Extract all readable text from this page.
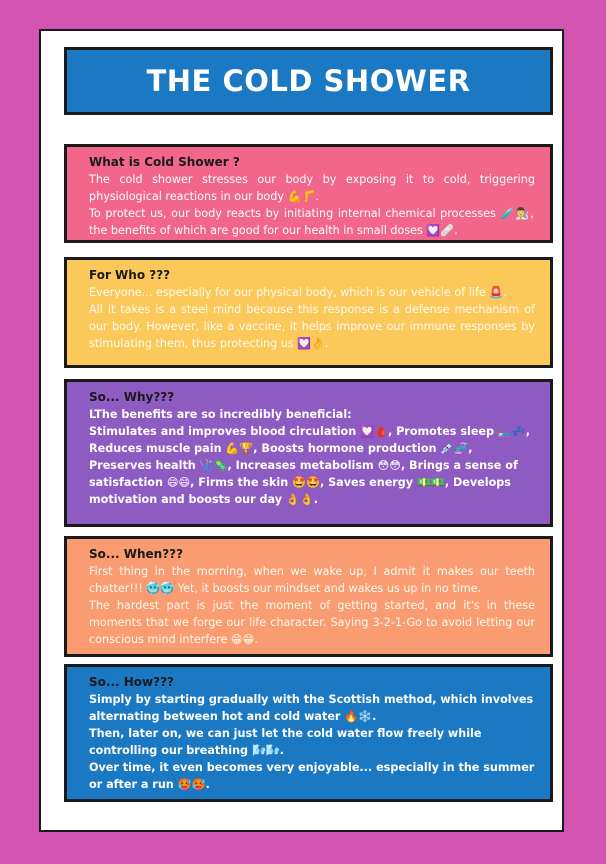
THE COLD SHOWER
What is Cold Shower ?

The cold shower stresses our body by exposing it to cold, triggering physiological reactions in our body 💪🦵.

To protect us, our body reacts by initiating internal chemical processes 🧪👨‍🔬, the benefits of which are good for our health in small doses 💟🩹.

For Who ???

Everyone... especially for our physical body, which is our vehicle of life 🚨.

All it takes is a steel mind because this response is a defense mechanism of our body. However, like a vaccine, it helps improve our immune responses by stimulating them, thus protecting us 💟👌.

So... Why???

LThe benefits are so incredibly beneficial:

Stimulates and improves blood circulation 💟🩸, Promotes sleep 🛏️💤, Reduces muscle pain 💪🏆, Boosts hormone production 💉🧬, Preserves health 🩺🦠, Increases metabolism 😳😳, Brings a sense of satisfaction 😄😄, Firms the skin 🤩🤩, Saves energy 💵💵, Develops motivation and boosts our day 👌👌.

So... When???

First thing in the morning, when we wake up, I admit it makes our teeth chatter!!! 🥶🥶 Yet, it boosts our mindset and wakes us up in no time.

The hardest part is just the moment of getting started, and it's in these moments that we forge our life character. Saying 3-2-1-Go to avoid letting our conscious mind interfere 😁😁.

So... How???

Simply by starting gradually with the Scottish method, which involves alternating between hot and cold water 🔥❄️.

Then, later on, we can just let the cold water flow freely while controlling our breathing 🌬️🌬️.

Over time, it even becomes very enjoyable... especially in the summer or after a run 🥵🥵.
